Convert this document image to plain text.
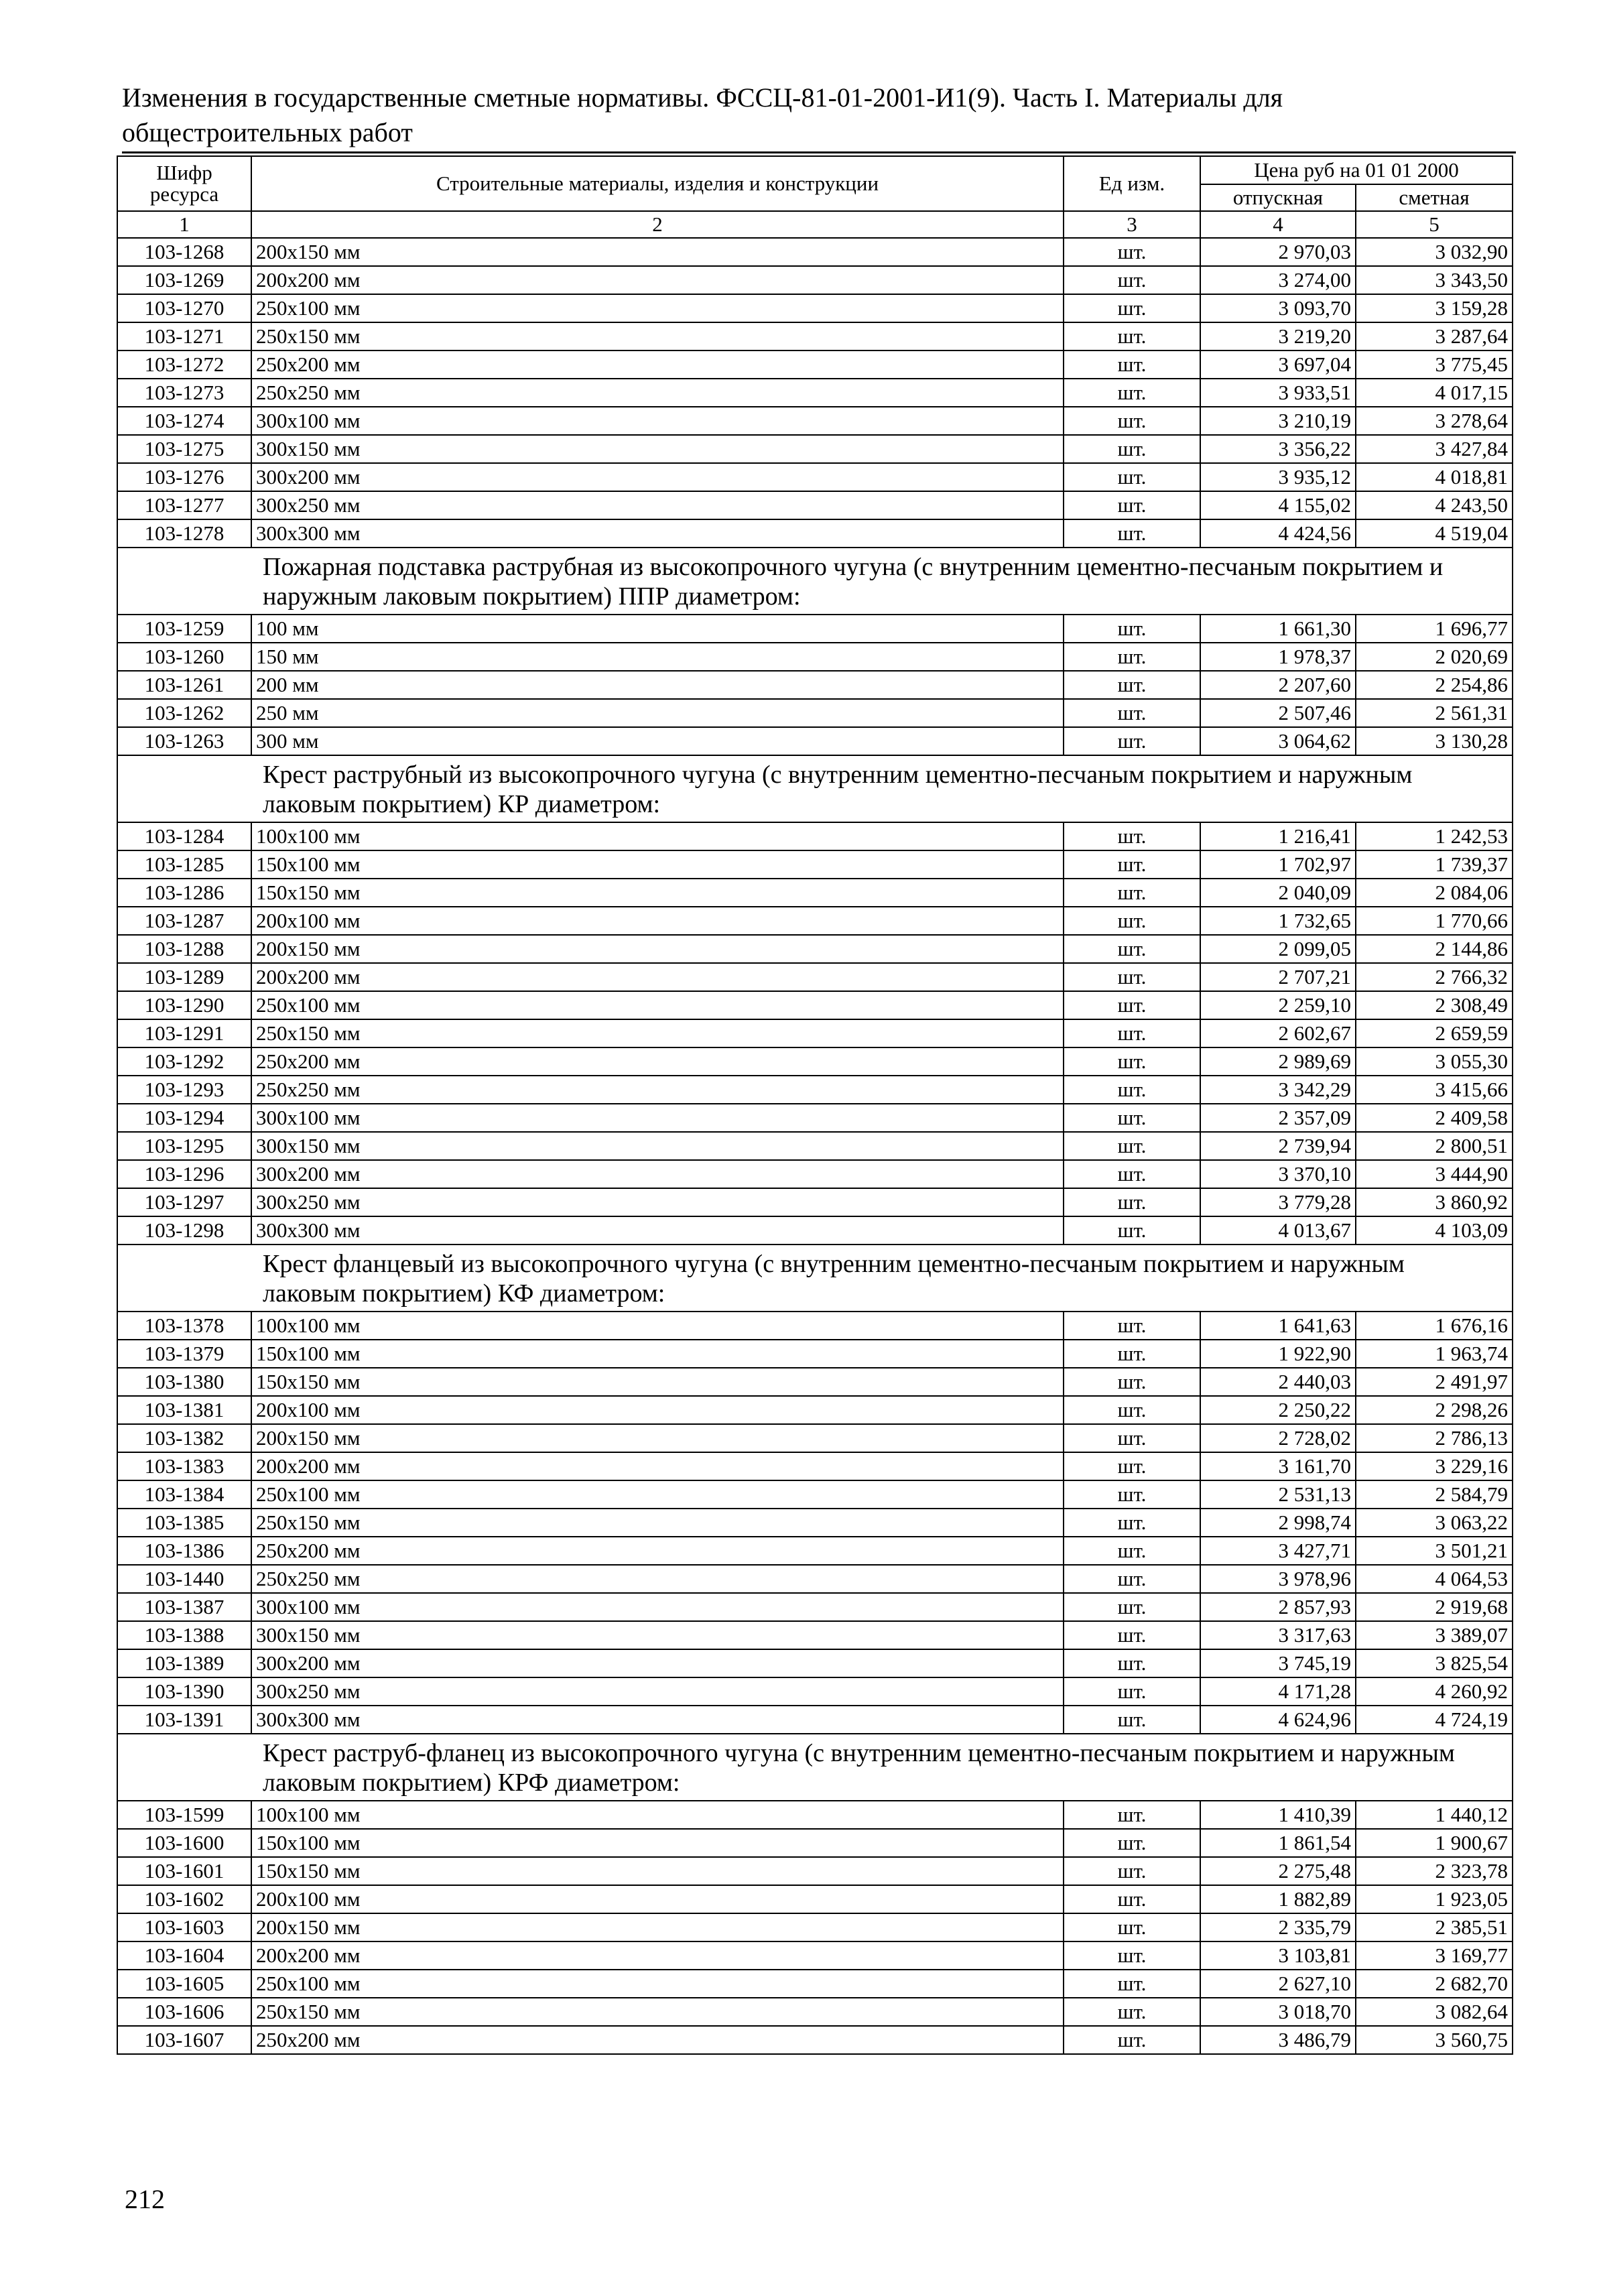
Изменения в государственные сметные нормативы. ФССЦ-81-01-2001-И1(9). Часть I. Материалы для
общестроительных работ
Шифр ресурса	Строительные материалы, изделия и конструкции	Ед изм.	Цена руб на 01 01 2000	
			отпускная	сметная
1	2	3	4	5
103-1268	200x150 мм	шт.	2 970,03	3 032,90
103-1269	200x200 мм	шт.	3 274,00	3 343,50
103-1270	250x100 мм	шт.	3 093,70	3 159,28
103-1271	250x150 мм	шт.	3 219,20	3 287,64
103-1272	250x200 мм	шт.	3 697,04	3 775,45
103-1273	250x250 мм	шт.	3 933,51	4 017,15
103-1274	300x100 мм	шт.	3 210,19	3 278,64
103-1275	300x150 мм	шт.	3 356,22	3 427,84
103-1276	300x200 мм	шт.	3 935,12	4 018,81
103-1277	300x250 мм	шт.	4 155,02	4 243,50
103-1278	300x300 мм	шт.	4 424,56	4 519,04
Пожарная подставка раструбная из высокопрочного чугуна (с внутренним цементно-песчаным покрытием и наружным лаковым покрытием) ППР диаметром:				
103-1259	100 мм	шт.	1 661,30	1 696,77
103-1260	150 мм	шт.	1 978,37	2 020,69
103-1261	200 мм	шт.	2 207,60	2 254,86
103-1262	250 мм	шт.	2 507,46	2 561,31
103-1263	300 мм	шт.	3 064,62	3 130,28
Крест раструбный из высокопрочного чугуна (с внутренним цементно-песчаным покрытием и наружным лаковым покрытием) КР диаметром:				
103-1284	100x100 мм	шт.	1 216,41	1 242,53
103-1285	150x100 мм	шт.	1 702,97	1 739,37
103-1286	150x150 мм	шт.	2 040,09	2 084,06
103-1287	200x100 мм	шт.	1 732,65	1 770,66
103-1288	200x150 мм	шт.	2 099,05	2 144,86
103-1289	200x200 мм	шт.	2 707,21	2 766,32
103-1290	250x100 мм	шт.	2 259,10	2 308,49
103-1291	250x150 мм	шт.	2 602,67	2 659,59
103-1292	250x200 мм	шт.	2 989,69	3 055,30
103-1293	250x250 мм	шт.	3 342,29	3 415,66
103-1294	300x100 мм	шт.	2 357,09	2 409,58
103-1295	300x150 мм	шт.	2 739,94	2 800,51
103-1296	300x200 мм	шт.	3 370,10	3 444,90
103-1297	300x250 мм	шт.	3 779,28	3 860,92
103-1298	300x300 мм	шт.	4 013,67	4 103,09
Крест фланцевый из высокопрочного чугуна (с внутренним цементно-песчаным покрытием и наружным лаковым покрытием) КФ диаметром:				
103-1378	100x100 мм	шт.	1 641,63	1 676,16
103-1379	150x100 мм	шт.	1 922,90	1 963,74
103-1380	150x150 мм	шт.	2 440,03	2 491,97
103-1381	200x100 мм	шт.	2 250,22	2 298,26
103-1382	200x150 мм	шт.	2 728,02	2 786,13
103-1383	200x200 мм	шт.	3 161,70	3 229,16
103-1384	250x100 мм	шт.	2 531,13	2 584,79
103-1385	250x150 мм	шт.	2 998,74	3 063,22
103-1386	250x200 мм	шт.	3 427,71	3 501,21
103-1440	250x250 мм	шт.	3 978,96	4 064,53
103-1387	300x100 мм	шт.	2 857,93	2 919,68
103-1388	300x150 мм	шт.	3 317,63	3 389,07
103-1389	300x200 мм	шт.	3 745,19	3 825,54
103-1390	300x250 мм	шт.	4 171,28	4 260,92
103-1391	300x300 мм	шт.	4 624,96	4 724,19
Крест раструб-фланец из высокопрочного чугуна (с внутренним цементно-песчаным покрытием и наружным лаковым покрытием) КРФ диаметром:				
103-1599	100x100 мм	шт.	1 410,39	1 440,12
103-1600	150x100 мм	шт.	1 861,54	1 900,67
103-1601	150x150 мм	шт.	2 275,48	2 323,78
103-1602	200x100 мм	шт.	1 882,89	1 923,05
103-1603	200x150 мм	шт.	2 335,79	2 385,51
103-1604	200x200 мм	шт.	3 103,81	3 169,77
103-1605	250x100 мм	шт.	2 627,10	2 682,70
103-1606	250x150 мм	шт.	3 018,70	3 082,64
103-1607	250x200 мм	шт.	3 486,79	3 560,75
212
